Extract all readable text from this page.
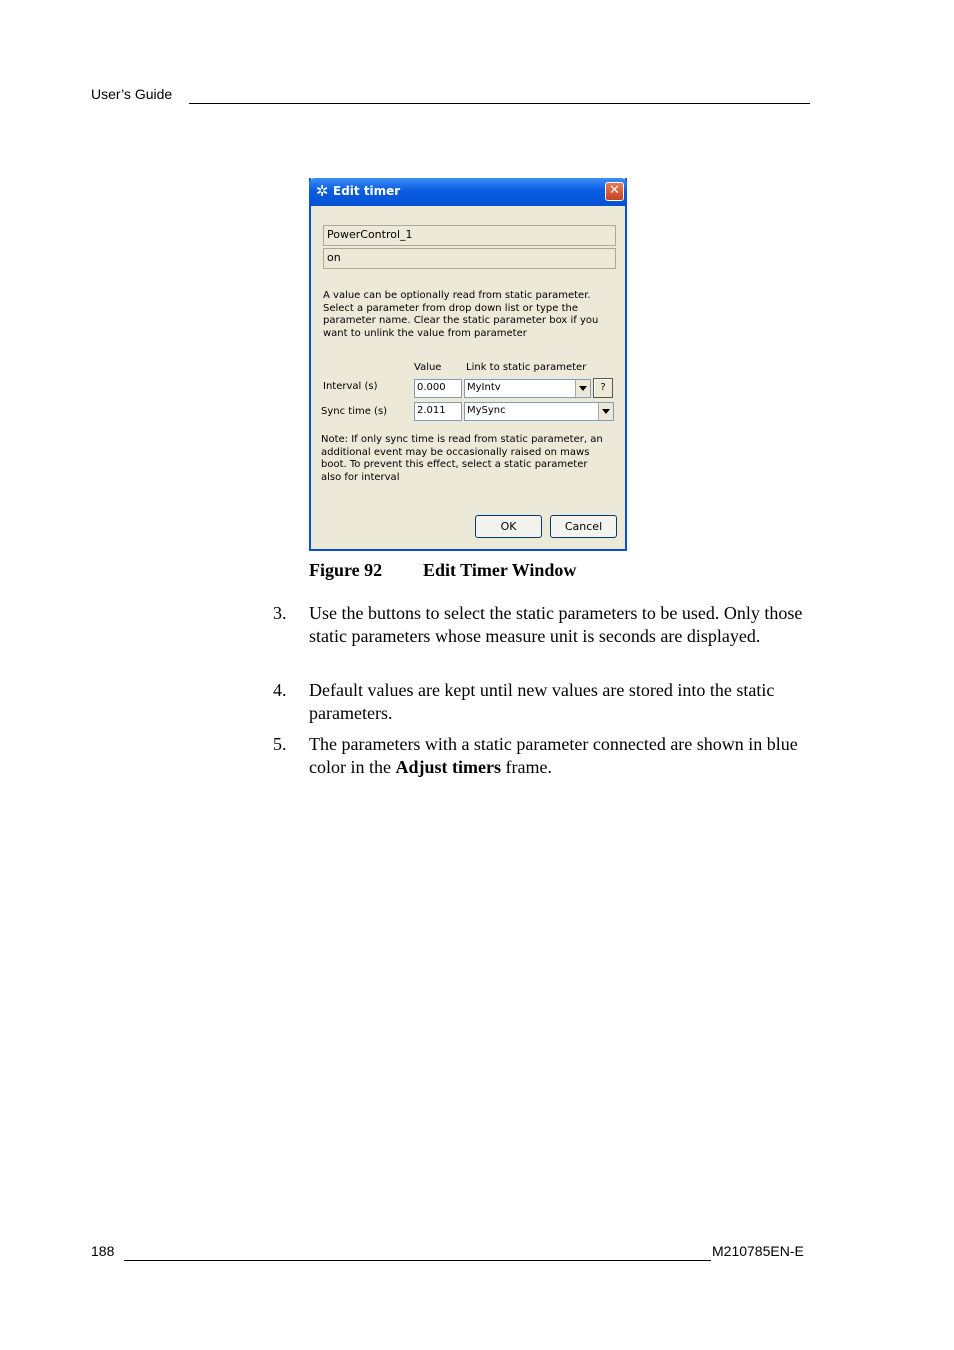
User’s Guide
✲ Edit timer	✕
PowerControl_1
on
A value can be optionally read from static parameter.
Select a parameter from drop down list or type the
parameter name. Clear the static parameter box if you
want to unlink the value from parameter
Value Link to static parameter
Interval (s)	0.000	MyIntv	?
Sync time (s)	2.011	MySync
Note: If only sync time is read from static parameter, an
additional event may be occasionally raised on maws
boot. To prevent this effect, select a static parameter
also for interval
OK	Cancel
Figure 92 Edit Timer Window
3. Use the buttons to select the static parameters to be used. Only those static parameters whose measure unit is seconds are displayed.
4. Default values are kept until new values are stored into the static parameters.
5. The parameters with a static parameter connected are shown in blue color in the Adjust timers frame.
188	M210785EN-E
